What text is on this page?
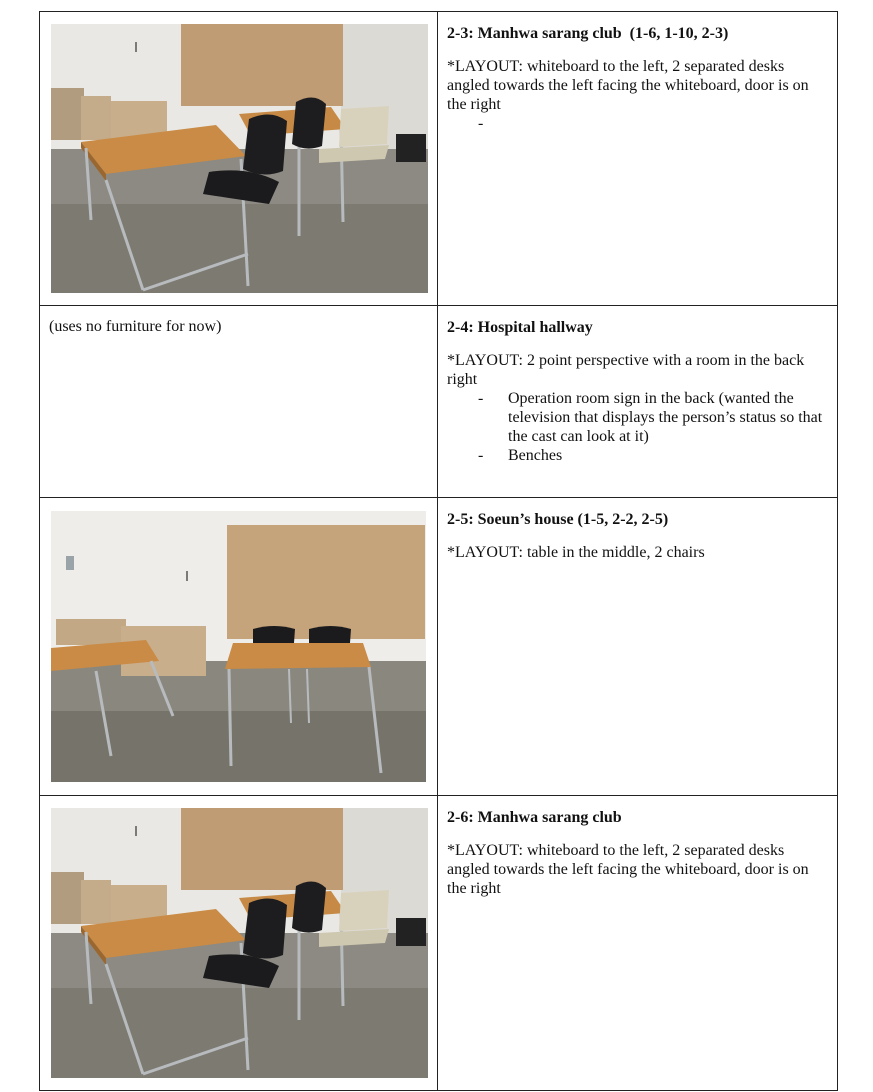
2-3: Manhwa sarang club  (1-6, 1-10, 2-3)

*LAYOUT: whiteboard to the left, 2 separated desks angled towards the left facing the whiteboard, door is on the right

-
(uses no furniture for now)	2-4: Hospital hallway

*LAYOUT: 2 point perspective with a room in the back right

- Operation room sign in the back (wanted the television that displays the person’s status so that the cast can look at it)
- Benches
2-5: Soeun’s house (1-5, 2-2, 2-5)

*LAYOUT: table in the middle, 2 chairs

2-6: Manhwa sarang club

*LAYOUT: whiteboard to the left, 2 separated desks angled towards the left facing the whiteboard, door is on the right
